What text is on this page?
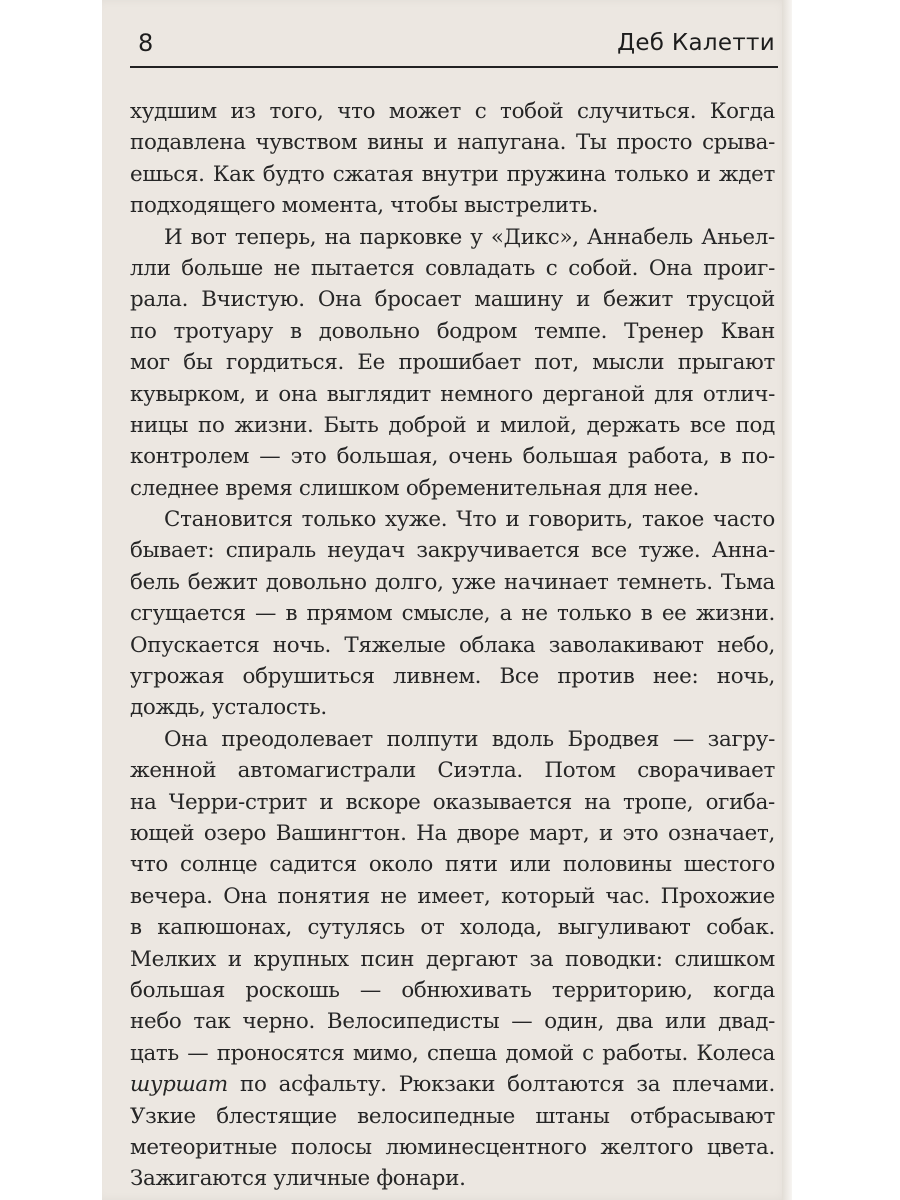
8	Деб Калетти
худшим из того, что может с тобой случиться. Когда
подавлена чувством вины и напугана. Ты просто срыва-
ешься. Как будто сжатая внутри пружина только и ждет
подходящего момента, чтобы выстрелить.
И вот теперь, на парковке у «Дикс», Аннабель Аньел-
лли больше не пытается совладать с собой. Она проиг-
рала. Вчистую. Она бросает машину и бежит трусцой
по тротуару в довольно бодром темпе. Тренер Кван
мог бы гордиться. Ее прошибает пот, мысли прыгают
кувырком, и она выглядит немного дерганой для отлич-
ницы по жизни. Быть доброй и милой, держать все под
контролем — это большая, очень большая работа, в по-
следнее время слишком обременительная для нее.
Становится только хуже. Что и говорить, такое часто
бывает: спираль неудач закручивается все туже. Анна-
бель бежит довольно долго, уже начинает темнеть. Тьма
сгущается — в прямом смысле, а не только в ее жизни.
Опускается ночь. Тяжелые облака заволакивают небо,
угрожая обрушиться ливнем. Все против нее: ночь,
дождь, усталость.
Она преодолевает полпути вдоль Бродвея — загру-
женной автомагистрали Сиэтла. Потом сворачивает
на Черри-стрит и вскоре оказывается на тропе, огиба-
ющей озеро Вашингтон. На дворе март, и это означает,
что солнце садится около пяти или половины шестого
вечера. Она понятия не имеет, который час. Прохожие
в капюшонах, сутулясь от холода, выгуливают собак.
Мелких и крупных псин дергают за поводки: слишком
большая роскошь — обнюхивать территорию, когда
небо так черно. Велосипедисты — один, два или двад-
цать — проносятся мимо, спеша домой с работы. Колеса
шуршат по асфальту. Рюкзаки болтаются за плечами.
Узкие блестящие велосипедные штаны отбрасывают
метеоритные полосы люминесцентного желтого цвета.
Зажигаются уличные фонари.
